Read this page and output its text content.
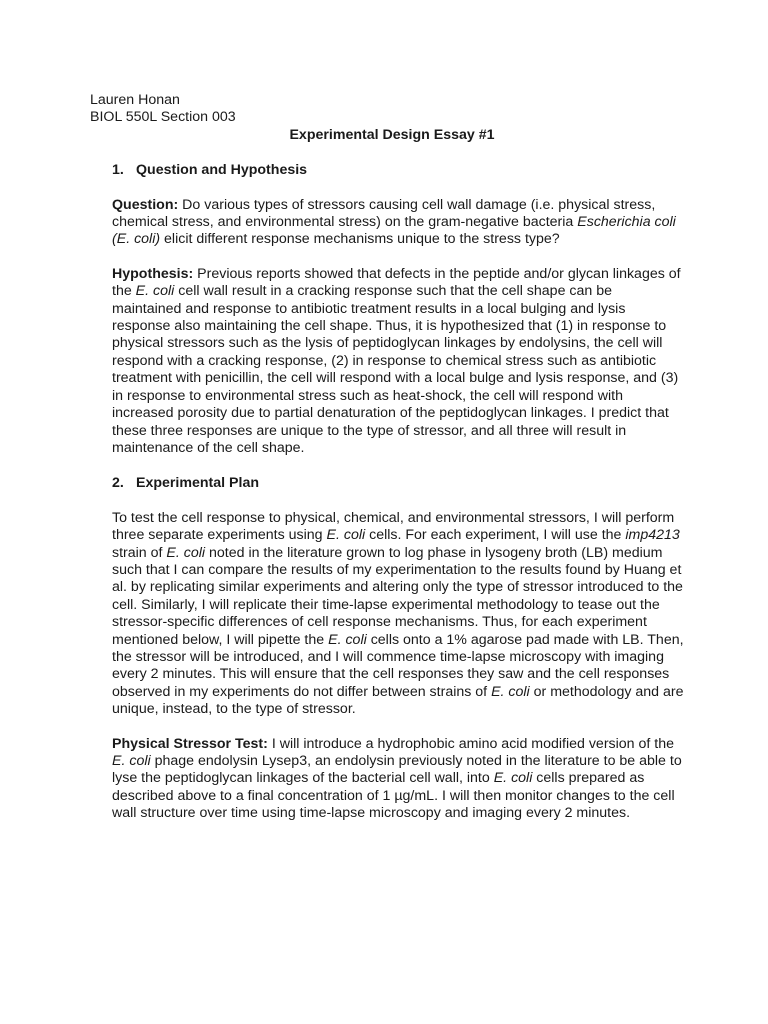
Lauren Honan
BIOL 550L Section 003
Experimental Design Essay #1
1. Question and Hypothesis

Question: Do various types of stressors causing cell wall damage (i.e. physical stress, chemical stress, and environmental stress) on the gram-negative bacteria Escherichia coli (E. coli) elicit different response mechanisms unique to the stress type?

Hypothesis: Previous reports showed that defects in the peptide and/or glycan linkages of the E. coli cell wall result in a cracking response such that the cell shape can be maintained and response to antibiotic treatment results in a local bulging and lysis response also maintaining the cell shape. Thus, it is hypothesized that (1) in response to physical stressors such as the lysis of peptidoglycan linkages by endolysins, the cell will respond with a cracking response, (2) in response to chemical stress such as antibiotic treatment with penicillin, the cell will respond with a local bulge and lysis response, and (3) in response to environmental stress such as heat-shock, the cell will respond with increased porosity due to partial denaturation of the peptidoglycan linkages. I predict that these three responses are unique to the type of stressor, and all three will result in maintenance of the cell shape.

2. Experimental Plan

To test the cell response to physical, chemical, and environmental stressors, I will perform three separate experiments using E. coli cells. For each experiment, I will use the imp4213 strain of E. coli noted in the literature grown to log phase in lysogeny broth (LB) medium such that I can compare the results of my experimentation to the results found by Huang et al. by replicating similar experiments and altering only the type of stressor introduced to the cell. Similarly, I will replicate their time-lapse experimental methodology to tease out the stressor-specific differences of cell response mechanisms. Thus, for each experiment mentioned below, I will pipette the E. coli cells onto a 1% agarose pad made with LB. Then, the stressor will be introduced, and I will commence time-lapse microscopy with imaging every 2 minutes. This will ensure that the cell responses they saw and the cell responses observed in my experiments do not differ between strains of E. coli or methodology and are unique, instead, to the type of stressor.

Physical Stressor Test: I will introduce a hydrophobic amino acid modified version of the E. coli phage endolysin Lysep3, an endolysin previously noted in the literature to be able to lyse the peptidoglycan linkages of the bacterial cell wall, into E. coli cells prepared as described above to a final concentration of 1 µg/mL. I will then monitor changes to the cell wall structure over time using time-lapse microscopy and imaging every 2 minutes.
